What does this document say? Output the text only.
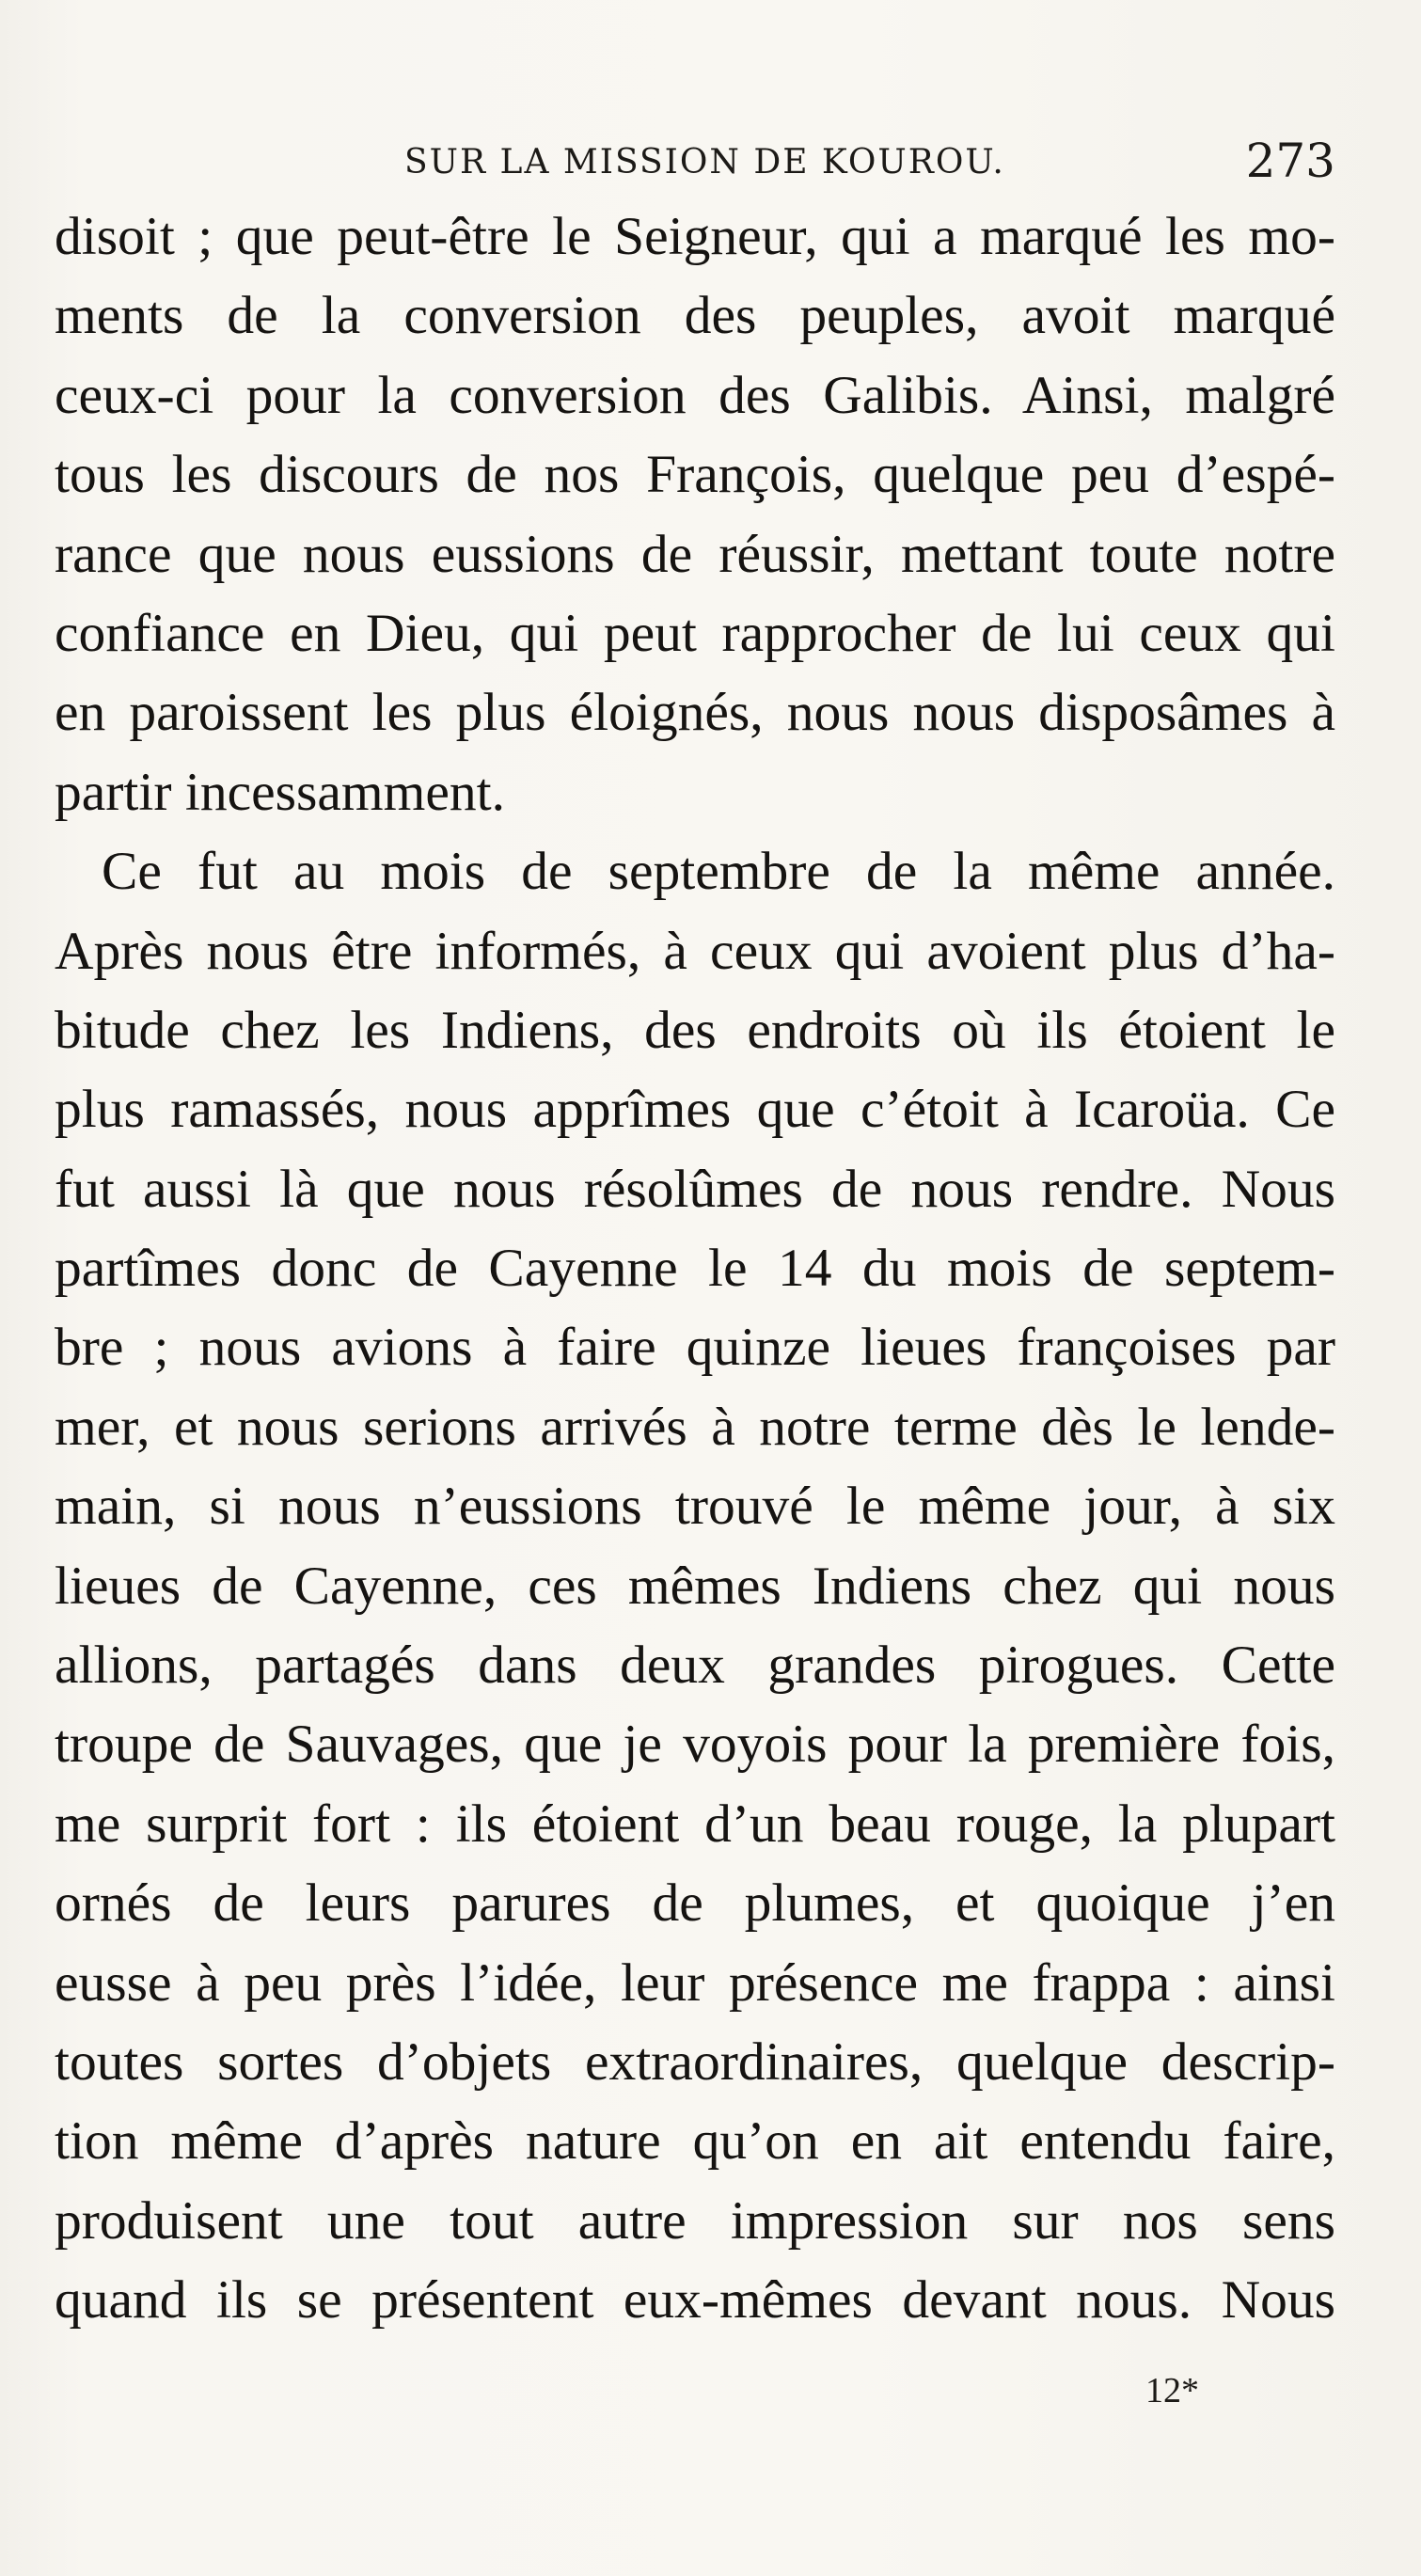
SUR LA MISSION DE KOUROU.	273
disoit ; que peut-être le Seigneur, qui a marqué les mo-
ments de la conversion des peuples, avoit marqué
ceux-ci pour la conversion des Galibis. Ainsi, malgré
tous les discours de nos François, quelque peu d’espé-
rance que nous eussions de réussir, mettant toute notre
confiance en Dieu, qui peut rapprocher de lui ceux qui
en paroissent les plus éloignés, nous nous disposâmes à
partir incessamment.
Ce fut au mois de septembre de la même année.
Après nous être informés, à ceux qui avoient plus d’ha-
bitude chez les Indiens, des endroits où ils étoient le
plus ramassés, nous apprîmes que c’étoit à Icaroüa. Ce
fut aussi là que nous résolûmes de nous rendre. Nous
partîmes donc de Cayenne le 14 du mois de septem-
bre ; nous avions à faire quinze lieues françoises par
mer, et nous serions arrivés à notre terme dès le lende-
main, si nous n’eussions trouvé le même jour, à six
lieues de Cayenne, ces mêmes Indiens chez qui nous
allions, partagés dans deux grandes pirogues. Cette
troupe de Sauvages, que je voyois pour la première fois,
me surprit fort : ils étoient d’un beau rouge, la plupart
ornés de leurs parures de plumes, et quoique j’en
eusse à peu près l’idée, leur présence me frappa : ainsi
toutes sortes d’objets extraordinaires, quelque descrip-
tion même d’après nature qu’on en ait entendu faire,
produisent une tout autre impression sur nos sens
quand ils se présentent eux-mêmes devant nous. Nous
12*
